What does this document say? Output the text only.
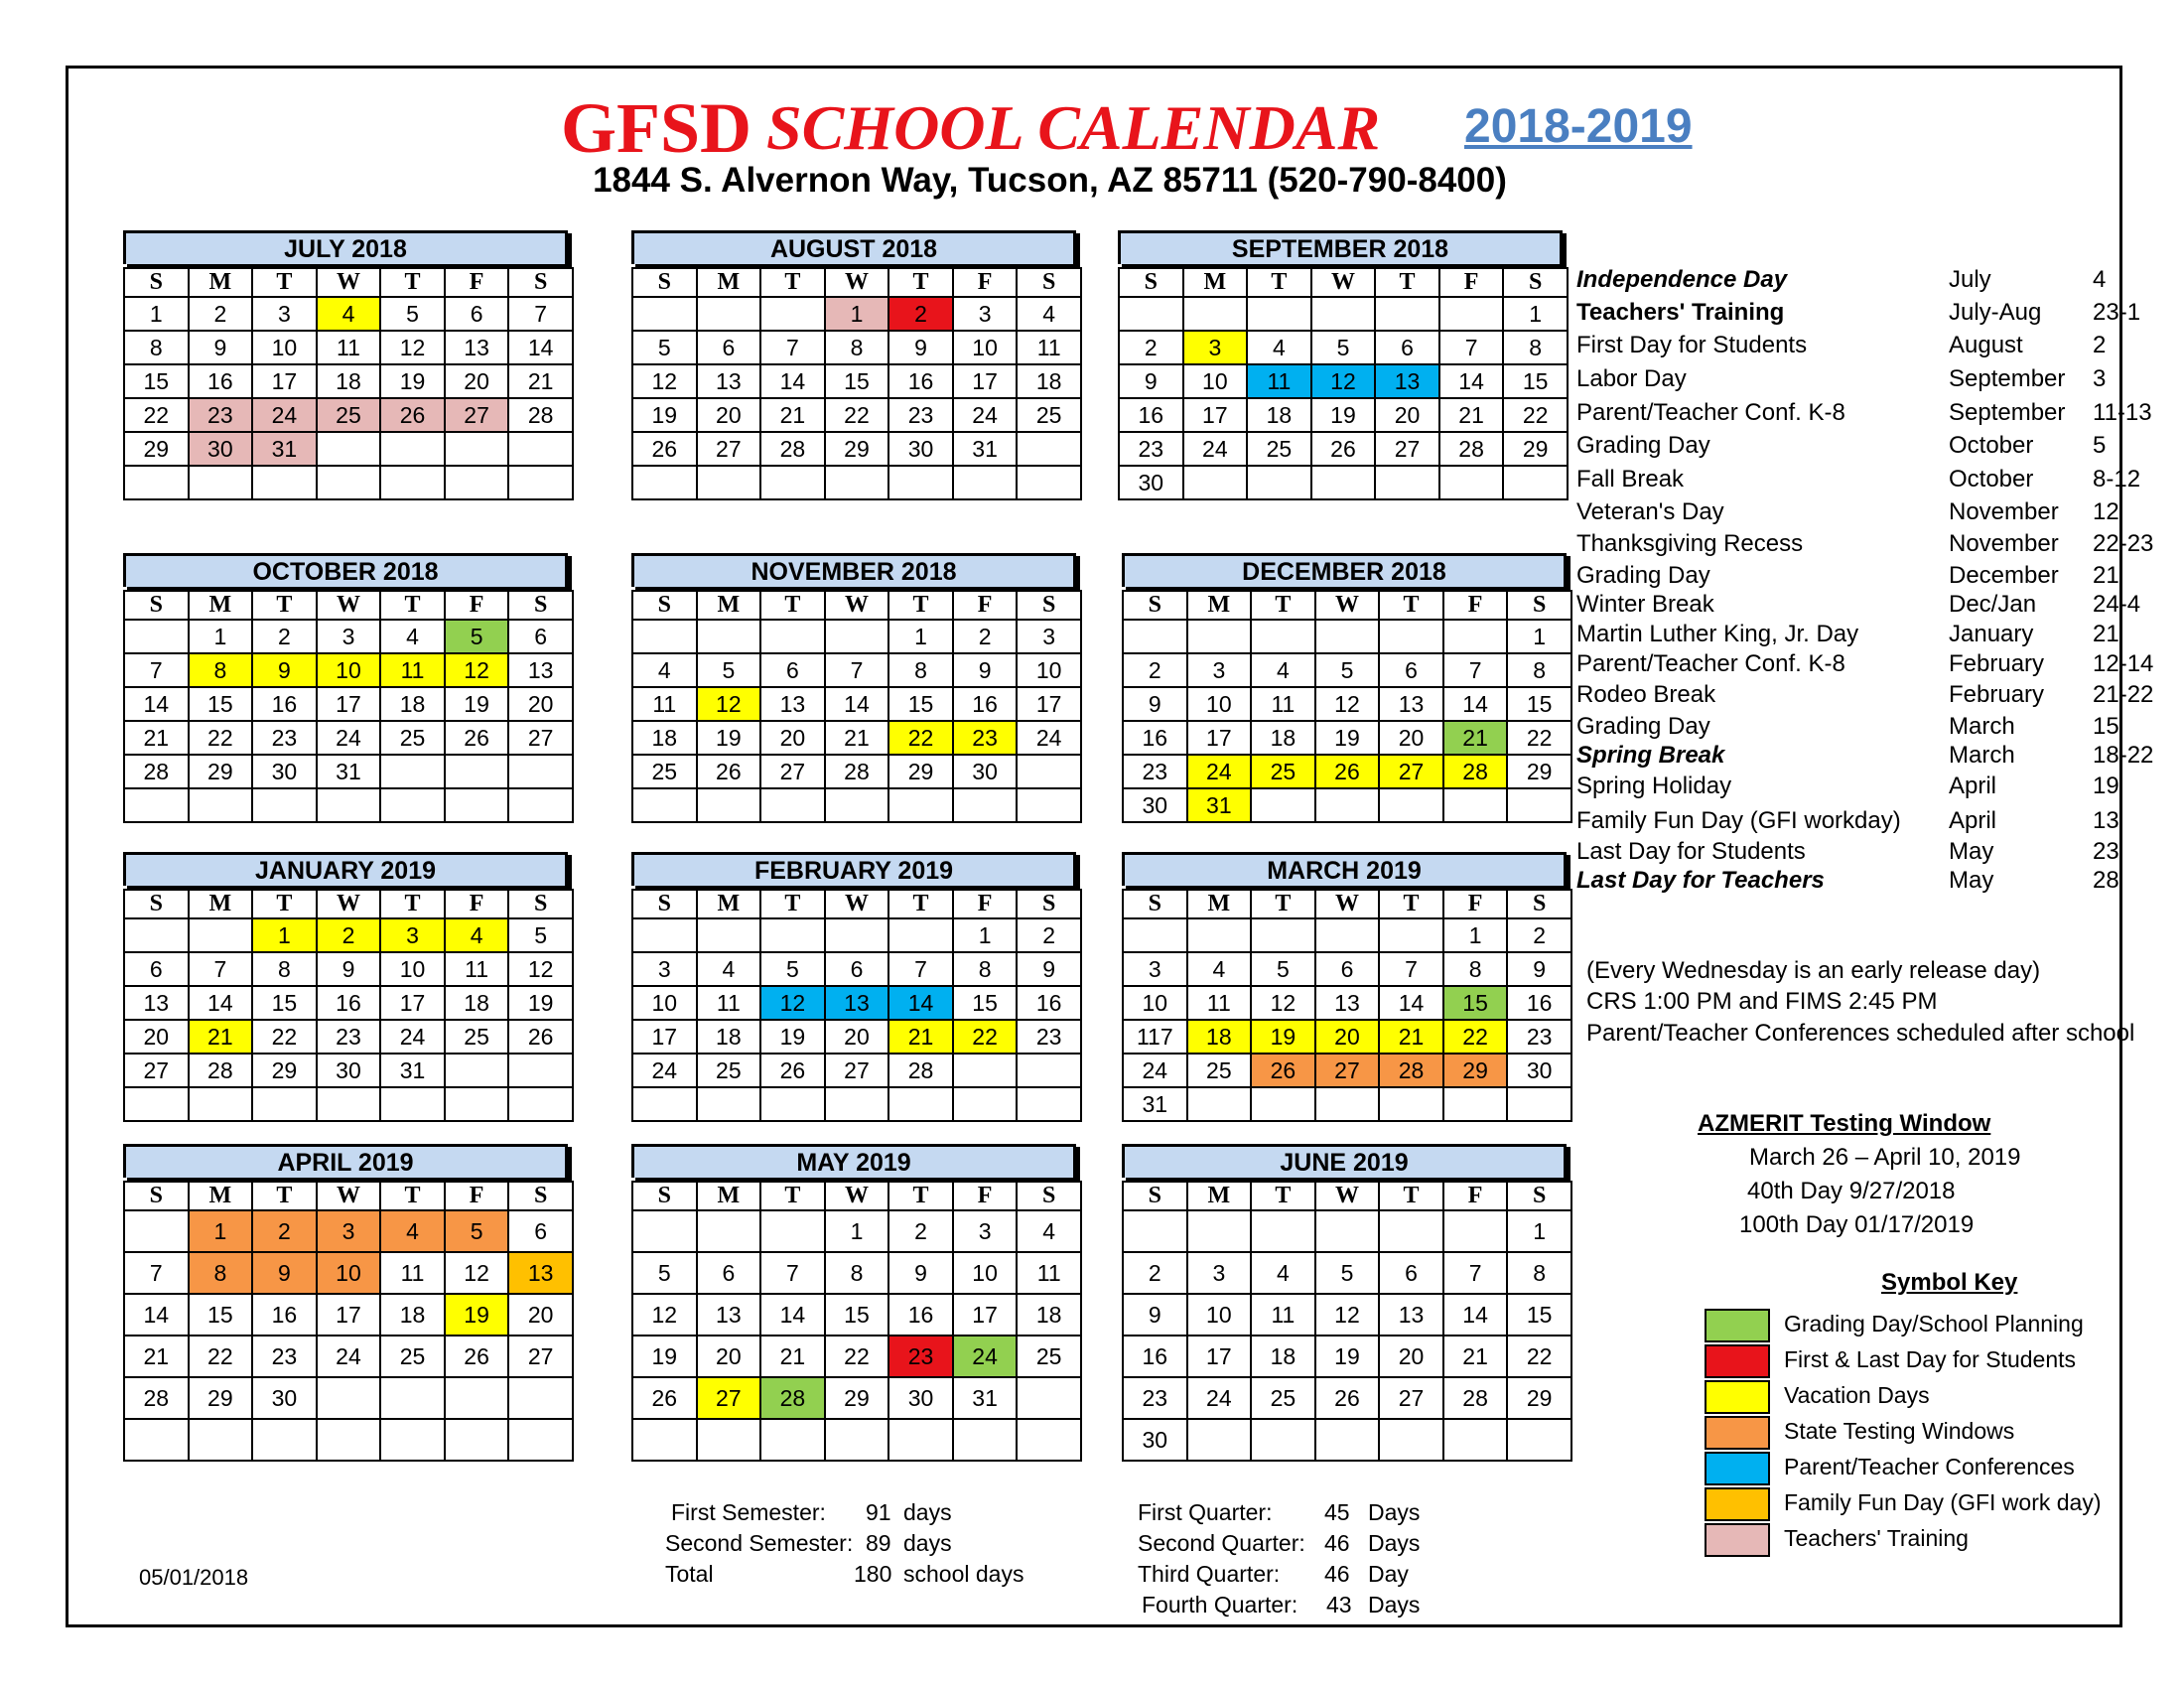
GFSD SCHOOL CALENDAR 2018-2019
1844 S. Alvernon Way, Tucson, AZ 85711 (520-790-8400)
JULY 2018
S	M	T	W	T	F	S
1	2	3	4	5	6	7
8	9	10	11	12	13	14
15	16	17	18	19	20	21
22	23	24	25	26	27	28
29	30	31				

AUGUST 2018
S	M	T	W	T	F	S
			1	2	3	4
5	6	7	8	9	10	11
12	13	14	15	16	17	18
19	20	21	22	23	24	25
26	27	28	29	30	31	

SEPTEMBER 2018
S	M	T	W	T	F	S
						1
2	3	4	5	6	7	8
9	10	11	12	13	14	15
16	17	18	19	20	21	22
23	24	25	26	27	28	29
30						
OCTOBER 2018
S	M	T	W	T	F	S
	1	2	3	4	5	6
7	8	9	10	11	12	13
14	15	16	17	18	19	20
21	22	23	24	25	26	27
28	29	30	31			

NOVEMBER 2018
S	M	T	W	T	F	S
				1	2	3
4	5	6	7	8	9	10
11	12	13	14	15	16	17
18	19	20	21	22	23	24
25	26	27	28	29	30	

DECEMBER 2018
S	M	T	W	T	F	S
						1
2	3	4	5	6	7	8
9	10	11	12	13	14	15
16	17	18	19	20	21	22
23	24	25	26	27	28	29
30	31					
JANUARY 2019
S	M	T	W	T	F	S
		1	2	3	4	5
6	7	8	9	10	11	12
13	14	15	16	17	18	19
20	21	22	23	24	25	26
27	28	29	30	31		

FEBRUARY 2019
S	M	T	W	T	F	S
					1	2
3	4	5	6	7	8	9
10	11	12	13	14	15	16
17	18	19	20	21	22	23
24	25	26	27	28		

MARCH 2019
S	M	T	W	T	F	S
					1	2
3	4	5	6	7	8	9
10	11	12	13	14	15	16
117	18	19	20	21	22	23
24	25	26	27	28	29	30
31						
APRIL 2019
S	M	T	W	T	F	S
	1	2	3	4	5	6
7	8	9	10	11	12	13
14	15	16	17	18	19	20
21	22	23	24	25	26	27
28	29	30				

MAY 2019
S	M	T	W	T	F	S
			1	2	3	4
5	6	7	8	9	10	11
12	13	14	15	16	17	18
19	20	21	22	23	24	25
26	27	28	29	30	31	

JUNE 2019
S	M	T	W	T	F	S
						1
2	3	4	5	6	7	8
9	10	11	12	13	14	15
16	17	18	19	20	21	22
23	24	25	26	27	28	29
30						
Independence Day	July	4
Teachers' Training	July-Aug 23-1
First Day for Students	August	2
Labor Day	September 3
Parent/Teacher Conf. K-8	September 11-13
Grading Day	October 5
Fall Break	October 8-12
Veteran's Day	November 12
Thanksgiving Recess	November 22-23
Grading Day	December 21
Winter Break	Dec/Jan 24-4
Martin Luther King, Jr. Day	January 21
Parent/Teacher Conf. K-8	February 12-14
Rodeo Break	February 21-22
Grading Day	March	15
Spring Break	March	18-22
Spring Holiday	April	19
Family Fun Day (GFI workday) April	13
Last Day for Students	May	23
Last Day for Teachers	May	28
(Every Wednesday is an early release day)
CRS 1:00 PM and FIMS 2:45 PM
Parent/Teacher Conferences scheduled after school
AZMERIT Testing Window
March 26 – April 10, 2019
40th Day 9/27/2018
100th Day 01/17/2019
Symbol Key
Grading Day/School Planning
First & Last Day for Students
Vacation Days
State Testing Windows
Parent/Teacher Conferences
Family Fun Day (GFI work day)
Teachers' Training
First Semester: 91 days
Second Semester: 89 days
Total	180 school days
First Quarter: 45 Days
Second Quarter: 46 Days
Third Quarter: 46 Day
Fourth Quarter: 43 Days
05/01/2018
